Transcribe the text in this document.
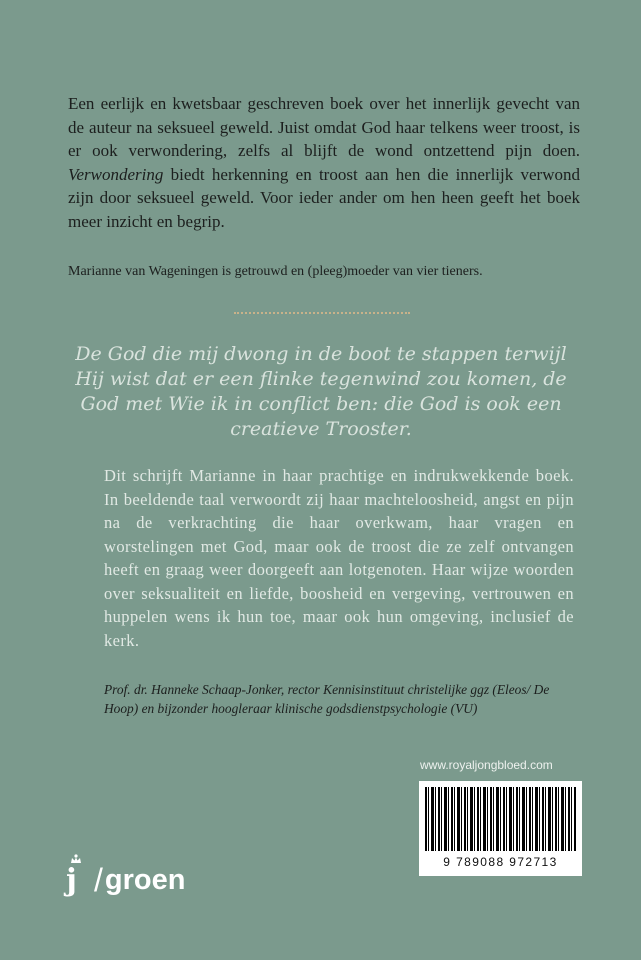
Een eerlijk en kwetsbaar geschreven boek over het innerlijk gevecht van de auteur na seksueel geweld. Juist omdat God haar telkens weer troost, is er ook verwondering, zelfs al blijft de wond ontzettend pijn doen. Verwondering biedt herkenning en troost aan hen die innerlijk verwond zijn door seksueel geweld. Voor ieder ander om hen heen geeft het boek meer inzicht en begrip.

Marianne van Wageningen is getrouwd en (pleeg)moeder van vier tieners.

De God die mij dwong in de boot te stappen terwijl Hij wist dat er een flinke tegenwind zou komen, de God met Wie ik in conflict ben: die God is ook een creatieve Trooster.

Dit schrijft Marianne in haar prachtige en indrukwekkende boek. In beeldende taal verwoordt zij haar machteloosheid, angst en pijn na de verkrachting die haar overkwam, haar vragen en worstelingen met God, maar ook de troost die ze zelf ontvangen heeft en graag weer doorgeeft aan lotgenoten. Haar wijze woorden over seksualiteit en liefde, boosheid en vergeving, vertrouwen en huppelen wens ik hun toe, maar ook hun omgeving, inclusief de kerk.

Prof. dr. Hanneke Schaap-Jonker, rector Kennisinstituut christelijke ggz (Eleos/ De Hoop) en bijzonder hoogleraar klinische godsdienstpsychologie (VU)

www.royaljongbloed.com
9 789088 972713
j / groen
